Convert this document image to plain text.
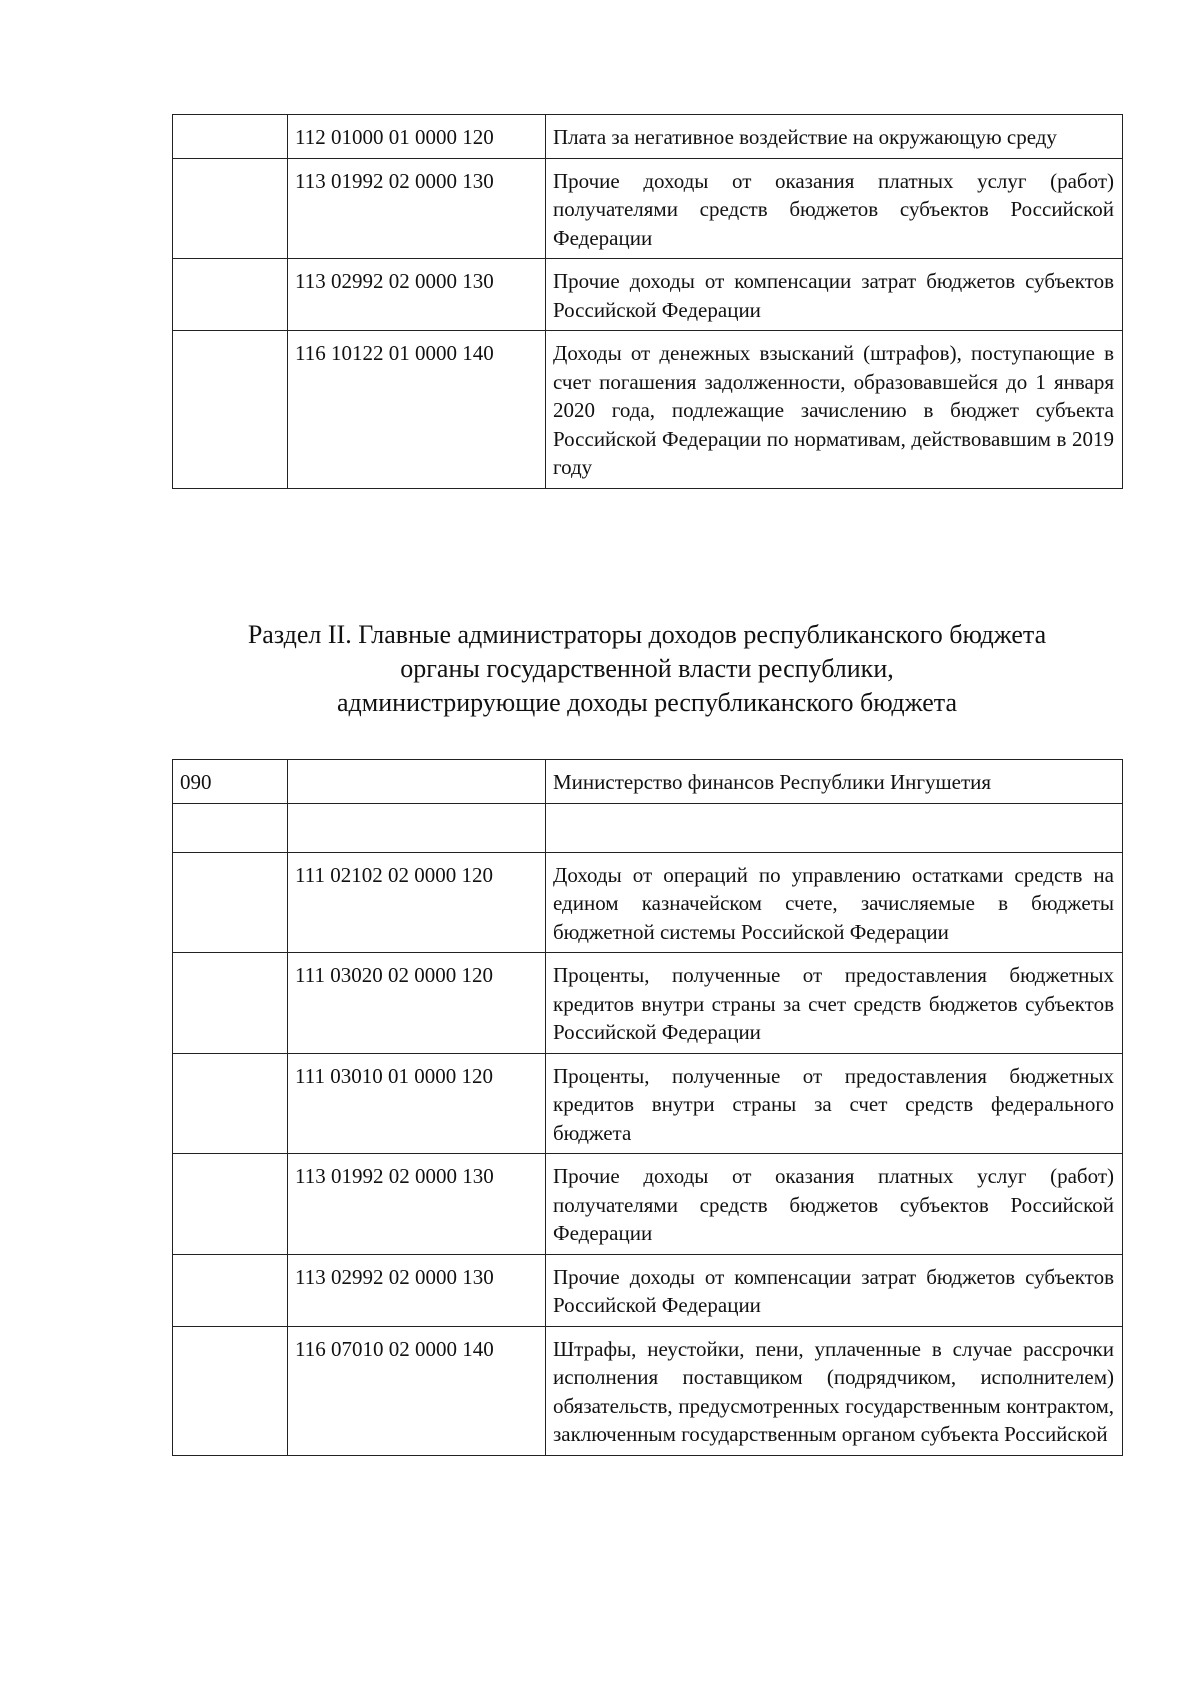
	112 01000 01 0000 120	Плата за негативное воздействие на окружающую среду
	113 01992 02 0000 130	Прочие доходы от оказания платных услуг (работ) получателями средств бюджетов субъектов Российской Федерации
	113 02992 02 0000 130	Прочие доходы от компенсации затрат бюджетов субъектов Российской Федерации
	116 10122 01 0000 140	Доходы от денежных взысканий (штрафов), поступающие в счет погашения задолженности, образовавшейся до 1 января 2020 года, подлежащие зачислению в бюджет субъекта Российской Федерации по нормативам, действовавшим в 2019 году
Раздел II. Главные администраторы доходов республиканского бюджета
органы государственной власти республики,
администрирующие доходы республиканского бюджета
090		Министерство финансов Республики Ингушетия

	111 02102 02 0000 120	Доходы от операций по управлению остатками средств на едином казначейском счете, зачисляемые в бюджеты бюджетной системы Российской Федерации
	111 03020 02 0000 120	Проценты, полученные от предоставления бюджетных кредитов внутри страны за счет средств бюджетов субъектов Российской Федерации
	111 03010 01 0000 120	Проценты, полученные от предоставления бюджетных кредитов внутри страны за счет средств федерального бюджета
	113 01992 02 0000 130	Прочие доходы от оказания платных услуг (работ) получателями средств бюджетов субъектов Российской Федерации
	113 02992 02 0000 130	Прочие доходы от компенсации затрат бюджетов субъектов Российской Федерации
	116 07010 02 0000 140	Штрафы, неустойки, пени, уплаченные в случае рассрочки исполнения поставщиком (подрядчиком, исполнителем) обязательств, предусмотренных государственным контрактом, заключенным государственным органом субъекта Российской
